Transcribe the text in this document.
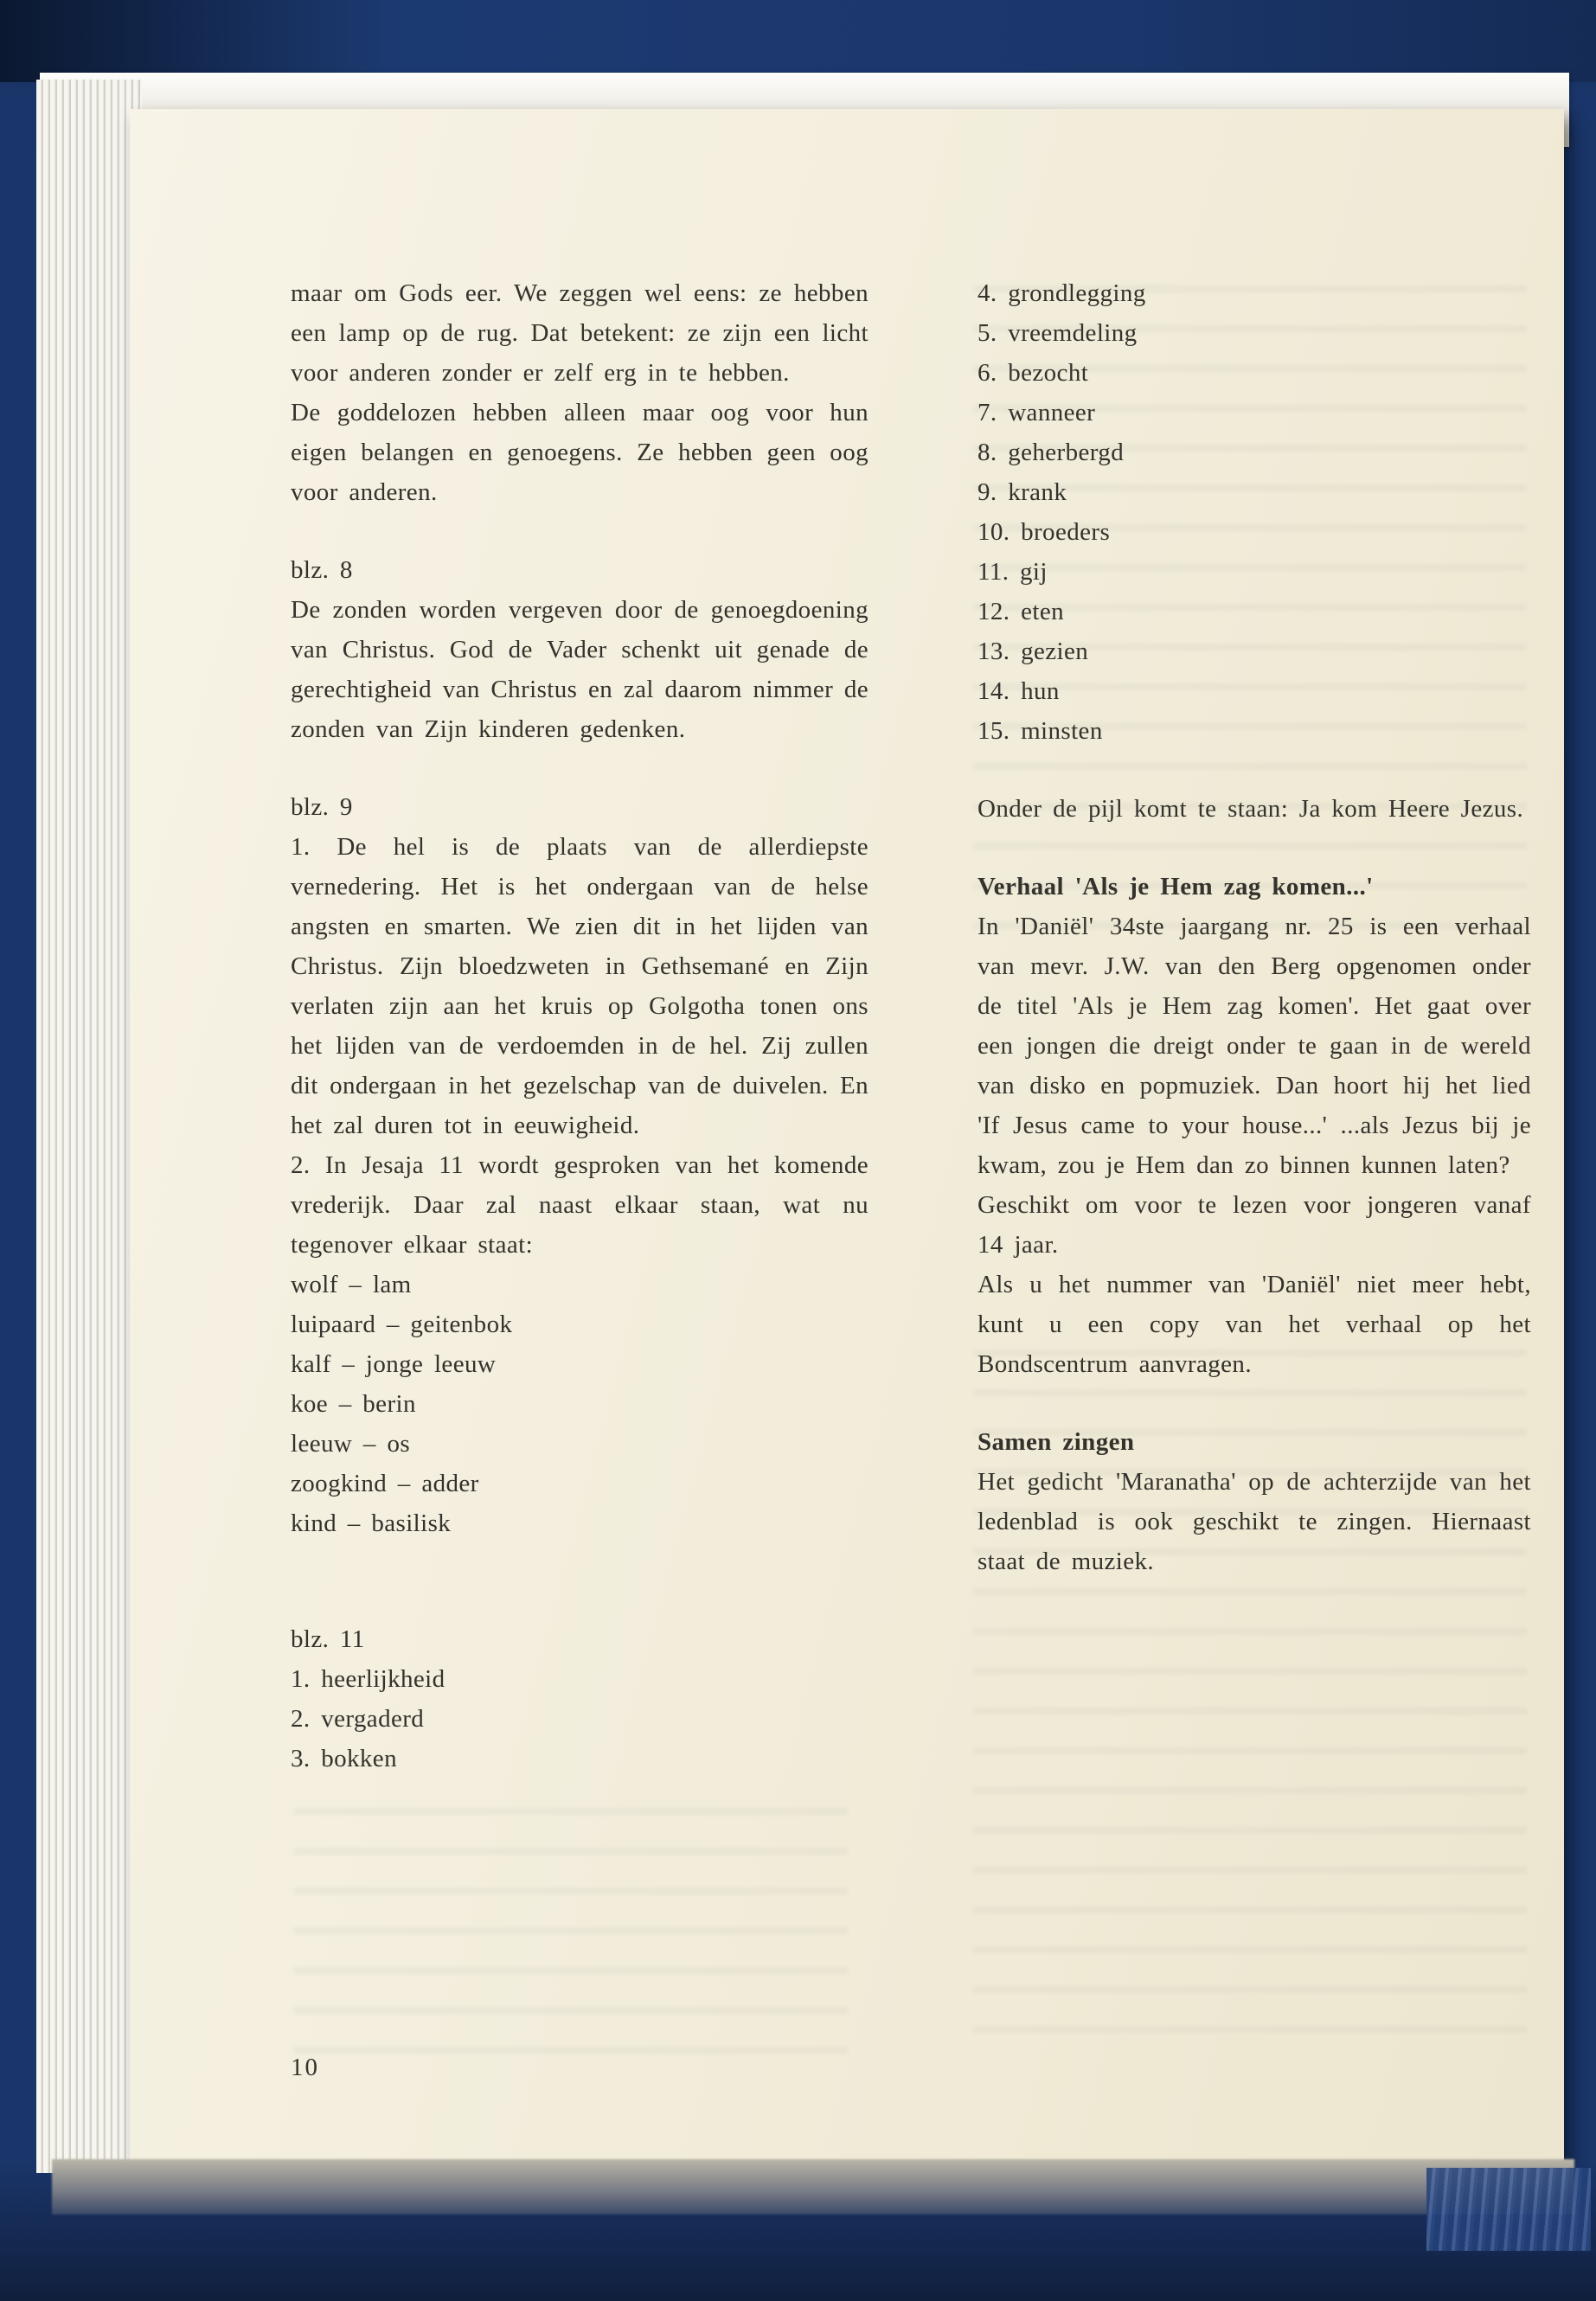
maar om Gods eer. We zeggen wel eens: ze hebben een lamp op de rug. Dat betekent: ze zijn een licht voor anderen zonder er zelf erg in te hebben.
De goddelozen hebben alleen maar oog voor hun eigen belangen en genoegens. Ze hebben geen oog voor anderen.
blz. 8
De zonden worden vergeven door de genoegdoening van Christus. God de Vader schenkt uit genade de gerechtigheid van Christus en zal daarom nimmer de zonden van Zijn kinderen gedenken.
blz. 9
1. De hel is de plaats van de allerdiepste vernedering. Het is het ondergaan van de helse angsten en smarten. We zien dit in het lijden van Christus. Zijn bloedzweten in Gethsemané en Zijn verlaten zijn aan het kruis op Golgotha tonen ons het lijden van de verdoemden in de hel. Zij zullen dit ondergaan in het gezelschap van de duivelen. En het zal duren tot in eeuwigheid.
2. In Jesaja 11 wordt gesproken van het komende vrederijk. Daar zal naast elkaar staan, wat nu tegenover elkaar staat:
wolf – lam
luipaard – geitenbok
kalf – jonge leeuw
koe – berin
leeuw – os
zoogkind – adder
kind – basilisk
blz. 11
1. heerlijkheid
2. vergaderd
3. bokken
4. grondlegging
5. vreemdeling
6. bezocht
7. wanneer
8. geherbergd
9. krank
10. broeders
11. gij
12. eten
13. gezien
14. hun
15. minsten
Onder de pijl komt te staan: Ja kom Heere Jezus.
Verhaal 'Als je Hem zag komen...'
In 'Daniël' 34ste jaargang nr. 25 is een verhaal van mevr. J.W. van den Berg opgenomen onder de titel 'Als je Hem zag komen'. Het gaat over een jongen die dreigt onder te gaan in de wereld van disko en popmuziek. Dan hoort hij het lied 'If Jesus came to your house...' ...als Jezus bij je kwam, zou je Hem dan zo binnen kunnen laten?
Geschikt om voor te lezen voor jongeren vanaf 14 jaar.
Als u het nummer van 'Daniël' niet meer hebt, kunt u een copy van het verhaal op het Bondscentrum aanvragen.
Samen zingen
Het gedicht 'Maranatha' op de achterzijde van het ledenblad is ook geschikt te zingen. Hiernaast staat de muziek.
10
